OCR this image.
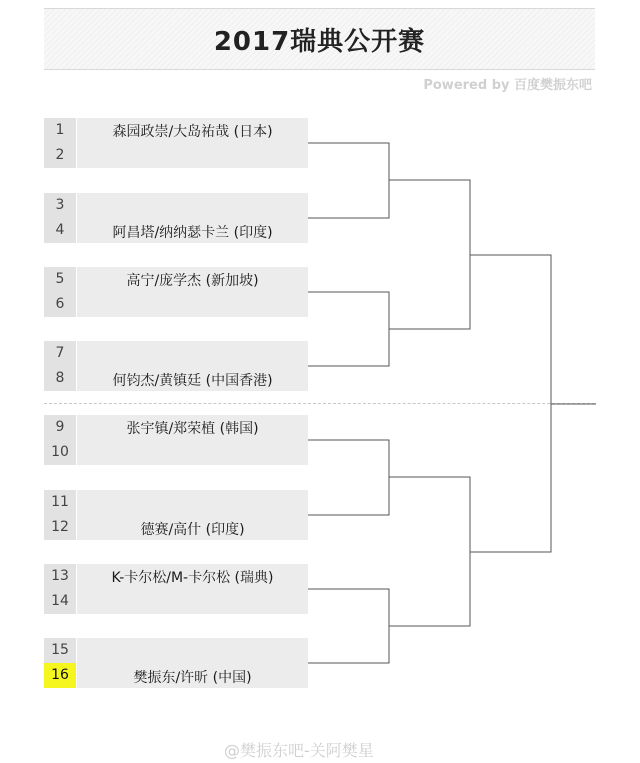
2017瑞典公开赛
Powered by 百度樊振东吧
1
2
森园政崇/大岛祐哉 (日本)
3
4	阿昌塔/纳纳瑟卡兰 (印度)
5
6
高宁/庞学杰 (新加坡)
7
8	何钧杰/黄镇廷 (中国香港)
9
10
张宇镇/郑荣植 (韩国)
11
12	德赛/高什 (印度)
13
14
K-卡尔松/M-卡尔松 (瑞典)
15
16	樊振东/许昕 (中国)
@樊振东吧-关阿樊星
